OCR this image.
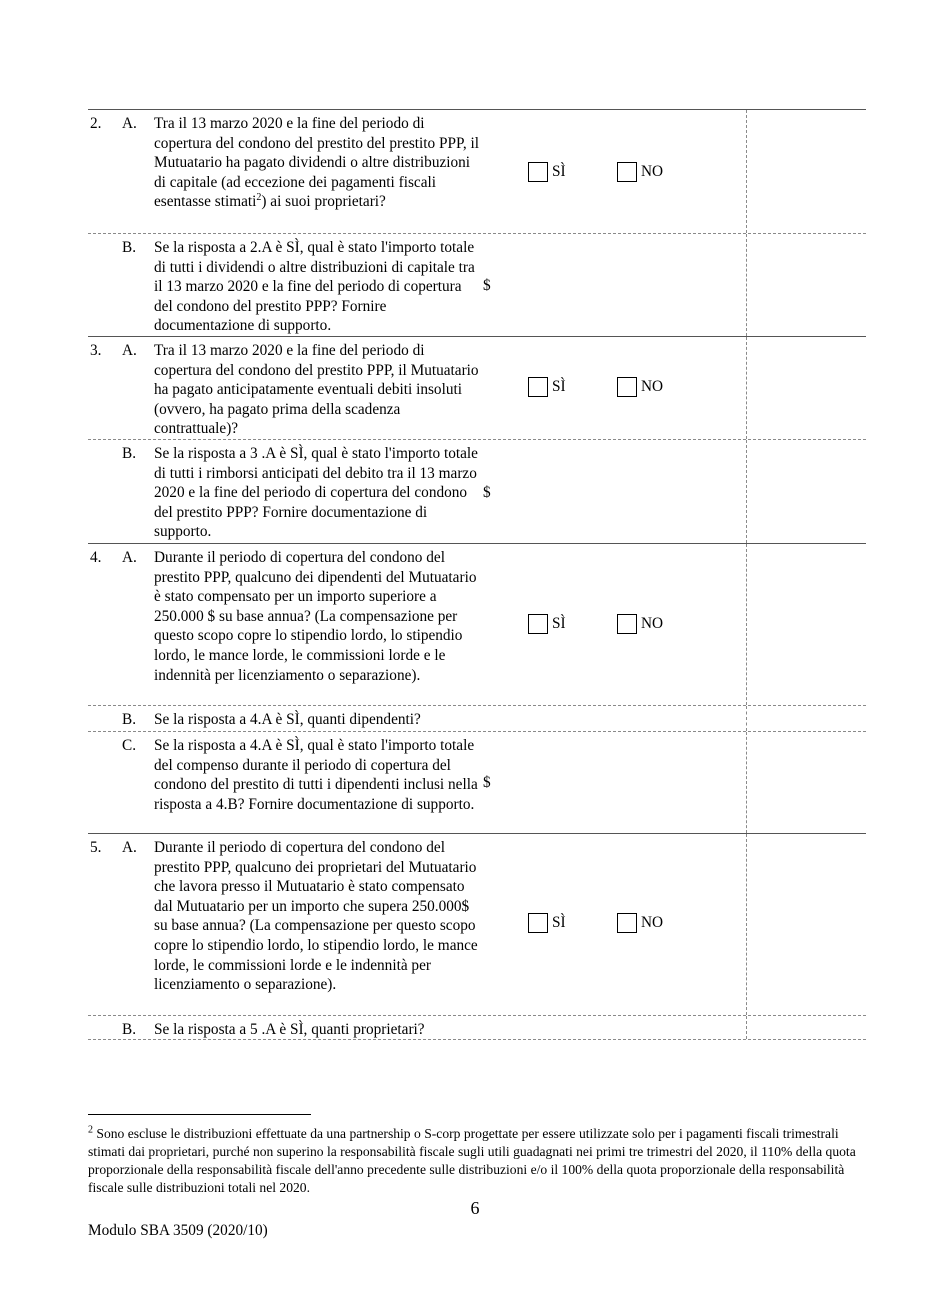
2. A. Tra il 13 marzo 2020 e la fine del periodo di copertura del condono del prestito del prestito PPP, il Mutuatario ha pagato dividendi o altre distribuzioni di capitale (ad eccezione dei pagamenti fiscali esentasse stimati$^2$) ai suoi proprietari?

SÌ	NO
B. Se la risposta a 2.A è SÌ, qual è stato l'importo totale di tutti i dividendi o altre distribuzioni di capitale tra il 13 marzo 2020 e la fine del periodo di copertura del condono del prestito PPP? Fornire documentazione di supporto.

$
3. A. Tra il 13 marzo 2020 e la fine del periodo di copertura del condono del prestito PPP, il Mutuatario ha pagato anticipatamente eventuali debiti insoluti (ovvero, ha pagato prima della scadenza contrattuale)?

SÌ	NO
B. Se la risposta a 3 .A è SÌ, qual è stato l'importo totale di tutti i rimborsi anticipati del debito tra il 13 marzo 2020 e la fine del periodo di copertura del condono del prestito PPP? Fornire documentazione di supporto.

$
4. A. Durante il periodo di copertura del condono del prestito PPP, qualcuno dei dipendenti del Mutuatario è stato compensato per un importo superiore a 250.000 $ su base annua? (La compensazione per questo scopo copre lo stipendio lordo, lo stipendio lordo, le mance lorde, le commissioni lorde e le indennità per licenziamento o separazione).

SÌ	NO
B. Se la risposta a 4.A è SÌ, quanti dipendenti?

C. Se la risposta a 4.A è SÌ, qual è stato l'importo totale del compenso durante il periodo di copertura del condono del prestito di tutti i dipendenti inclusi nella risposta a 4.B? Fornire documentazione di supporto.

$
5. A. Durante il periodo di copertura del condono del prestito PPP, qualcuno dei proprietari del Mutuatario che lavora presso il Mutuatario è stato compensato dal Mutuatario per un importo che supera 250.000$ su base annua? (La compensazione per questo scopo copre lo stipendio lordo, lo stipendio lordo, le mance lorde, le commissioni lorde e le indennità per licenziamento o separazione).

SÌ	NO
B. Se la risposta a 5 .A è SÌ, quanti proprietari?

$^2$ Sono escluse le distribuzioni effettuate da una partnership o S-corp progettate per essere utilizzate solo per i pagamenti fiscali trimestrali stimati dai proprietari, purché non superino la responsabilità fiscale sugli utili guadagnati nei primi tre trimestri del 2020, il 110% della quota proporzionale della responsabilità fiscale dell'anno precedente sulle distribuzioni e/o il 100% della quota proporzionale della responsabilità fiscale sulle distribuzioni totali nel 2020.

6
Modulo SBA 3509 (2020/10)
